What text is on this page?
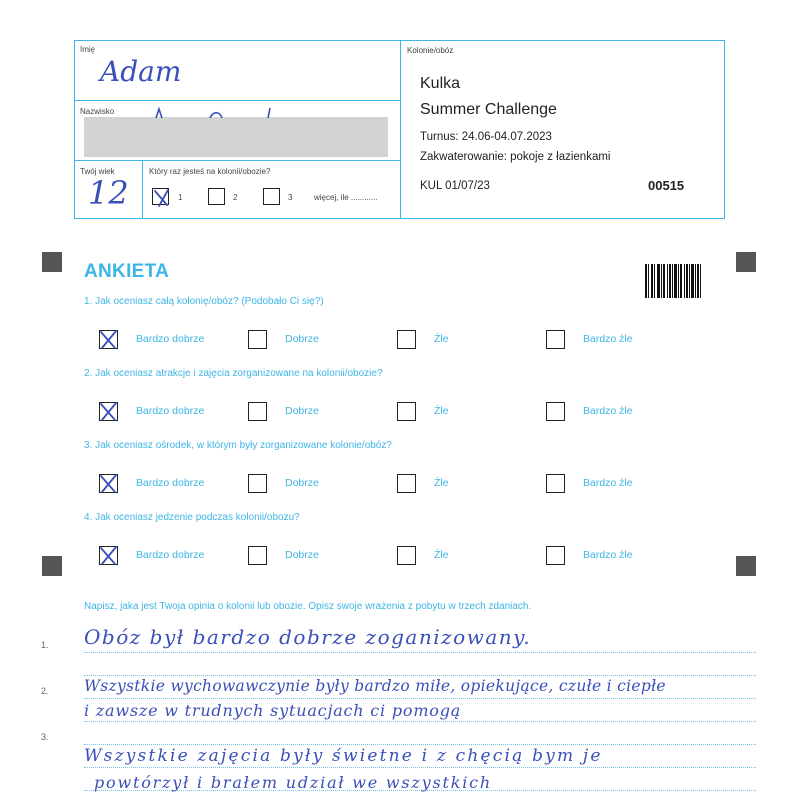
Imię
Adam
Nazwisko
Twój wiek
12
Który raz jesteś na kolonii/obozie?
1	2	3	więcej, ile ............
Kolonie/obóz
Kulka
Summer Challenge
Turnus: 24.06-04.07.2023
Zakwaterowanie: pokoje z łazienkami
KUL 01/07/23	00515
ANKIETA
1. Jak oceniasz całą kolonię/obóz? (Podobało Ci się?)
Bardzo dobrze	Dobrze	Źle	Bardzo źle
2. Jak oceniasz atrakcje i zajęcia zorganizowane na kolonii/obozie?
Bardzo dobrze	Dobrze	Źle	Bardzo źle
3. Jak oceniasz ośrodek, w którym były zorganizowane kolonie/obóz?
Bardzo dobrze	Dobrze	Źle	Bardzo źle
4. Jak oceniasz jedzenie podczas kolonii/obozu?
Bardzo dobrze	Dobrze	Źle	Bardzo źle
Napisz, jaka jest Twoja opinia o kolonii lub obozie. Opisz swoje wrażenia z pobytu w trzech zdaniach.
1.
2.
3.
Obóz był bardzo dobrze zoganizowany.
Wszystkie wychowawczynie były bardzo miłe, opiekujące, czułe i ciepłe
i zawsze w trudnych sytuacjach ci pomogą
Wszystkie zajęcia były świetne i z chęcią bym je
powtórzył i brałem udział we wszystkich
